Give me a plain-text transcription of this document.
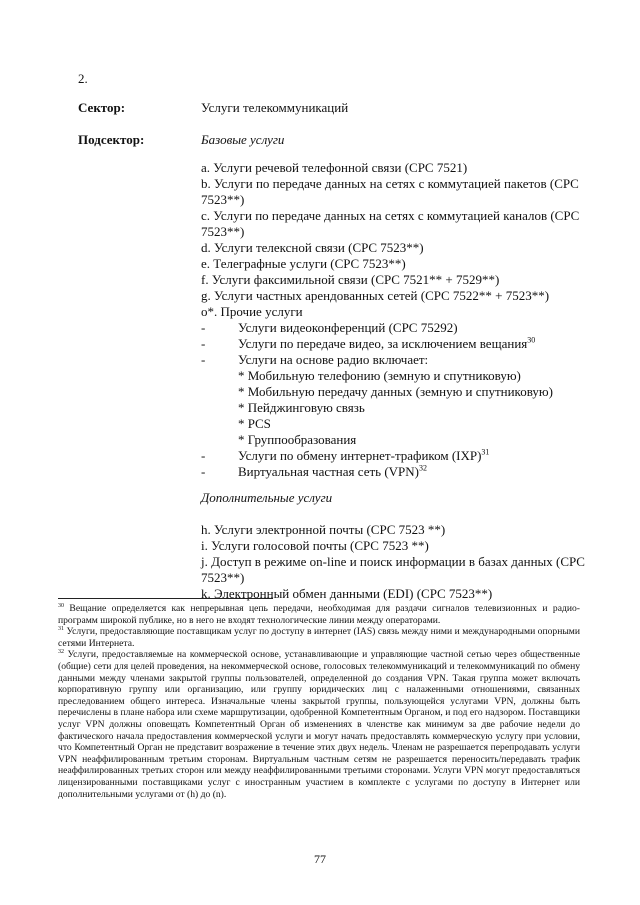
2.
Сектор:	Услуги телекоммуникаций
Подсектор:	Базовые услуги
a. Услуги речевой телефонной связи (CPC 7521)
b. Услуги по передаче данных на сетях с коммутацией пакетов (CPC 7523**)
c. Услуги по передаче данных на сетях с коммутацией каналов (CPC 7523**)
d. Услуги телексной связи (CPC 7523**)
e. Телеграфные услуги (CPC 7523**)
f. Услуги факсимильной связи (CPC 7521** + 7529**)
g. Услуги частных арендованных сетей (CPC 7522** + 7523**)
o*. Прочие услуги
-	Услуги видеоконференций (CPC 75292)
-	Услуги по передаче видео, за исключением вещания$^{30}$
-	Услуги на основе радио включает:
* Мобильную телефонию (земную и спутниковую)
* Мобильную передачу данных (земную и спутниковую)
* Пейджинговую связь
* PCS
* Группообразования
-	Услуги по обмену интернет-трафиком (IXP)$^{31}$
-	Виртуальная частная сеть (VPN)$^{32}$
Дополнительные услуги
h. Услуги электронной почты (CPC 7523 **)
i. Услуги голосовой почты (CPC 7523 **)
j. Доступ в режиме on-line и поиск информации в базах данных (CPC 7523**)
k. Электронный обмен данными (EDI) (CPC 7523**)

$^{30}$ Вещание определяется как непрерывная цепь передачи, необходимая для раздачи сигналов телевизионных и радио-программ широкой публике, но в него не входят технологические линии между операторами.

$^{31}$ Услуги, предоставляющие поставщикам услуг по доступу в интернет (IAS) связь между ними и международными опорными сетями Интернета.

$^{32}$ Услуги, предоставляемые на коммерческой основе, устанавливающие и управляющие частной сетью через общественные (общие) сети для целей проведения, на некоммерческой основе, голосовых телекоммуникаций и телекоммуникаций по обмену данными между членами закрытой группы пользователей, определенной до создания VPN. Такая группа может включать корпоративную группу или организацию, или группу юридических лиц с налаженными отношениями, связанных преследованием общего интереса. Изначальные члены закрытой группы, пользующейся услугами VPN, должны быть перечислены в плане набора или схеме маршрутизации, одобренной Компетентным Органом, и под его надзором. Поставщики услуг VPN должны оповещать Компетентный Орган об изменениях в членстве как минимум за две рабочие недели до фактического начала предоставления коммерческой услуги и могут начать предоставлять коммерческую услугу при условии, что Компетентный Орган не представит возражение в течение этих двух недель. Членам не разрешается перепродавать услуги VPN неаффилированным третьим сторонам. Виртуальным частным сетям не разрешается переносить/передавать трафик неаффилированных третьих сторон или между неаффилированными третьими сторонами. Услуги VPN могут предоставляться лицензированными поставщиками услуг с иностранным участием в комплекте с услугами по доступу в Интернет или дополнительными услугами от (h) до (n).

77
